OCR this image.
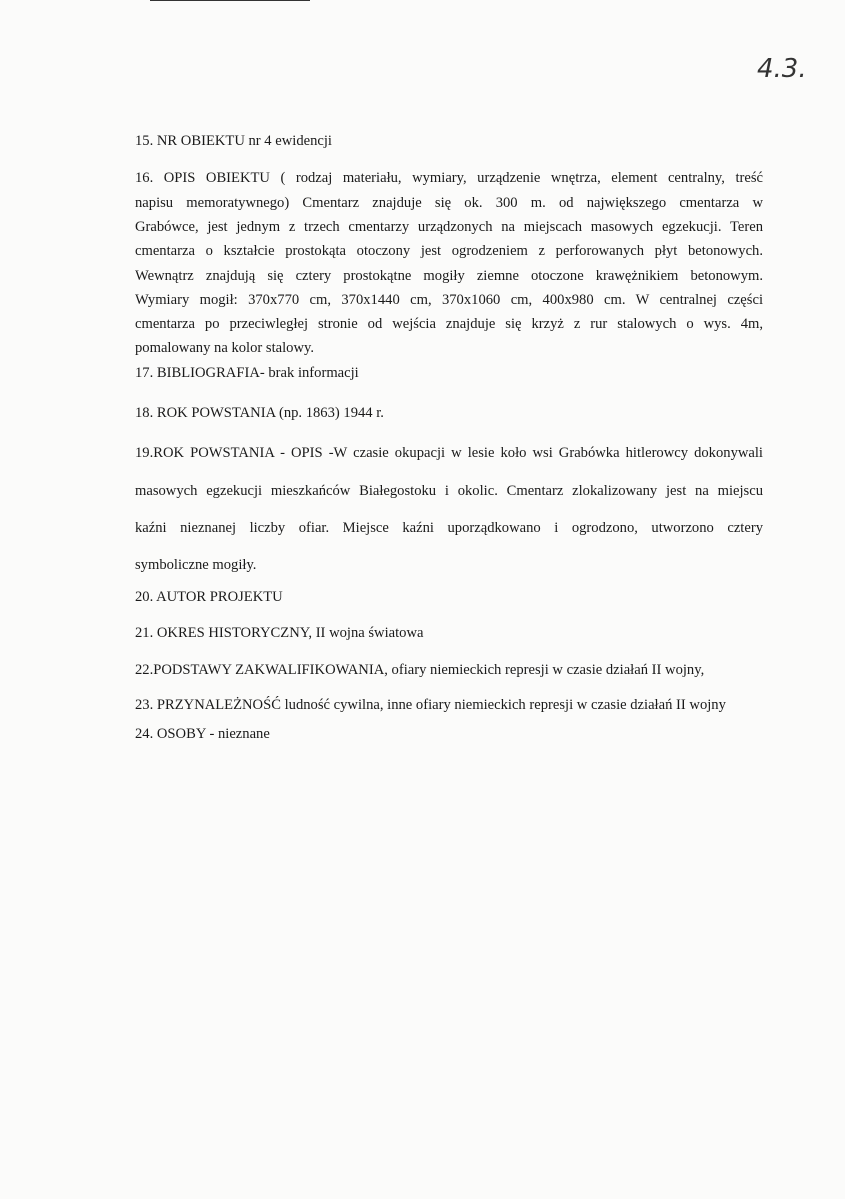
4.3.
15. NR OBIEKTU nr 4 ewidencji
16. OPIS OBIEKTU ( rodzaj materiału, wymiary, urządzenie wnętrza, element centralny, treść
napisu memoratywnego) Cmentarz znajduje się ok. 300 m. od największego cmentarza w
Grabówce, jest jednym z trzech cmentarzy urządzonych na miejscach masowych egzekucji. Teren
cmentarza o kształcie prostokąta otoczony jest ogrodzeniem z perforowanych płyt betonowych.
Wewnątrz znajdują się cztery prostokątne mogiły ziemne otoczone krawężnikiem betonowym.
Wymiary mogił: 370x770 cm, 370x1440 cm, 370x1060 cm, 400x980 cm. W centralnej części
cmentarza po przeciwległej stronie od wejścia znajduje się krzyż z rur stalowych o wys. 4m,
pomalowany na kolor stalowy.
17. BIBLIOGRAFIA- brak informacji
18. ROK POWSTANIA (np. 1863) 1944 r.
19.ROK POWSTANIA - OPIS -W czasie okupacji w lesie koło wsi Grabówka hitlerowcy dokonywali
masowych egzekucji mieszkańców Białegostoku i okolic. Cmentarz zlokalizowany jest na miejscu
kaźni nieznanej liczby ofiar. Miejsce kaźni uporządkowano i ogrodzono, utworzono cztery
symboliczne mogiły.
20. AUTOR PROJEKTU
21. OKRES HISTORYCZNY, II wojna światowa
22.PODSTAWY ZAKWALIFIKOWANIA, ofiary niemieckich represji w czasie działań II wojny,
23. PRZYNALEŻNOŚĆ ludność cywilna, inne ofiary niemieckich represji w czasie działań II wojny
24. OSOBY - nieznane
